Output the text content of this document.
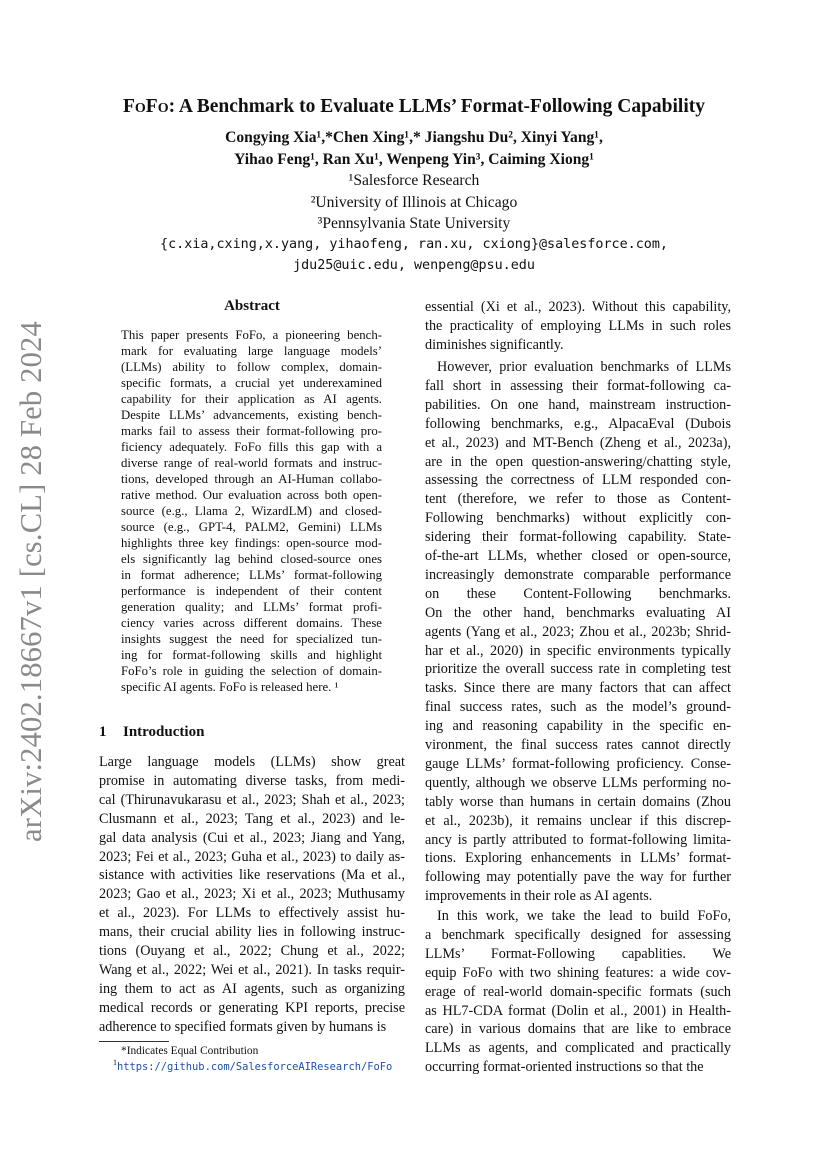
arXiv:2402.18667v1 [cs.CL] 28 Feb 2024
FoFo: A Benchmark to Evaluate LLMs’ Format-Following Capability
Congying Xia¹,*Chen Xing¹,* Jiangshu Du², Xinyi Yang¹,
Yihao Feng¹, Ran Xu¹, Wenpeng Yin³, Caiming Xiong¹
¹Salesforce Research
²University of Illinois at Chicago
³Pennsylvania State University
{c.xia,cxing,x.yang, yihaofeng, ran.xu, cxiong}@salesforce.com,
jdu25@uic.edu, wenpeng@psu.edu
Abstract
This paper presents FoFo, a pioneering bench-
mark for evaluating large language models’
(LLMs) ability to follow complex, domain-
specific formats, a crucial yet underexamined
capability for their application as AI agents.
Despite LLMs’ advancements, existing bench-
marks fail to assess their format-following pro-
ficiency adequately. FoFo fills this gap with a
diverse range of real-world formats and instruc-
tions, developed through an AI-Human collabo-
rative method. Our evaluation across both open-
source (e.g., Llama 2, WizardLM) and closed-
source (e.g., GPT-4, PALM2, Gemini) LLMs
highlights three key findings: open-source mod-
els significantly lag behind closed-source ones
in format adherence; LLMs’ format-following
performance is independent of their content
generation quality; and LLMs’ format profi-
ciency varies across different domains. These
insights suggest the need for specialized tun-
ing for format-following skills and highlight
FoFo’s role in guiding the selection of domain-
specific AI agents. FoFo is released here. ¹
1 Introduction
Large language models (LLMs) show great
promise in automating diverse tasks, from medi-
cal (Thirunavukarasu et al., 2023; Shah et al., 2023;
Clusmann et al., 2023; Tang et al., 2023) and le-
gal data analysis (Cui et al., 2023; Jiang and Yang,
2023; Fei et al., 2023; Guha et al., 2023) to daily as-
sistance with activities like reservations (Ma et al.,
2023; Gao et al., 2023; Xi et al., 2023; Muthusamy
et al., 2023). For LLMs to effectively assist hu-
mans, their crucial ability lies in following instruc-
tions (Ouyang et al., 2022; Chung et al., 2022;
Wang et al., 2022; Wei et al., 2021). In tasks requir-
ing them to act as AI agents, such as organizing
medical records or generating KPI reports, precise
adherence to specified formats given by humans is
*Indicates Equal Contribution
$^1$https://github.com/SalesforceAIResearch/FoFo
essential (Xi et al., 2023). Without this capability,
the practicality of employing LLMs in such roles
diminishes significantly.
However, prior evaluation benchmarks of LLMs
fall short in assessing their format-following ca-
pabilities. On one hand, mainstream instruction-
following benchmarks, e.g., AlpacaEval (Dubois
et al., 2023) and MT-Bench (Zheng et al., 2023a),
are in the open question-answering/chatting style,
assessing the correctness of LLM responded con-
tent (therefore, we refer to those as Content-
Following benchmarks) without explicitly con-
sidering their format-following capability. State-
of-the-art LLMs, whether closed or open-source,
increasingly demonstrate comparable performance
on these Content-Following benchmarks.
On the other hand, benchmarks evaluating AI
agents (Yang et al., 2023; Zhou et al., 2023b; Shrid-
har et al., 2020) in specific environments typically
prioritize the overall success rate in completing test
tasks. Since there are many factors that can affect
final success rates, such as the model’s ground-
ing and reasoning capability in the specific en-
vironment, the final success rates cannot directly
gauge LLMs’ format-following proficiency. Conse-
quently, although we observe LLMs performing no-
tably worse than humans in certain domains (Zhou
et al., 2023b), it remains unclear if this discrep-
ancy is partly attributed to format-following limita-
tions. Exploring enhancements in LLMs’ format-
following may potentially pave the way for further
improvements in their role as AI agents.
In this work, we take the lead to build FoFo,
a benchmark specifically designed for assessing
LLMs’ Format-Following capablities. We
equip FoFo with two shining features: a wide cov-
erage of real-world domain-specific formats (such
as HL7-CDA format (Dolin et al., 2001) in Health-
care) in various domains that are like to embrace
LLMs as agents, and complicated and practically
occurring format-oriented instructions so that the
